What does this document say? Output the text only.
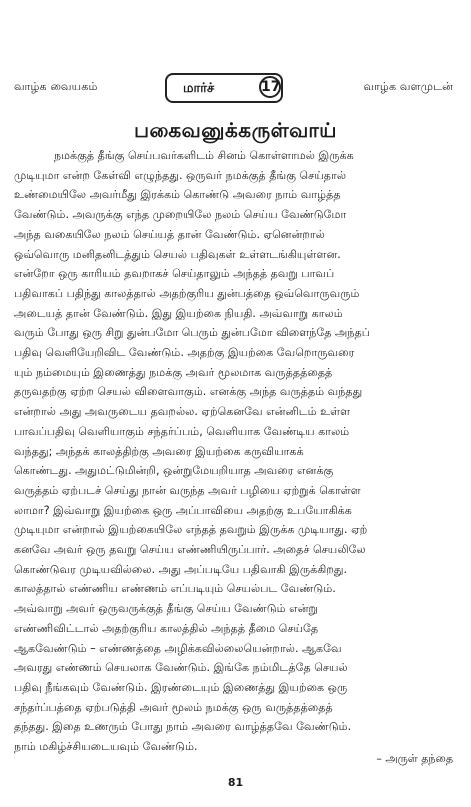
வாழ்க வையகம்	மார்ச்	17	வாழ்க வளமுடன்
பகைவனுக்கருள்வாய்
நமக்குத் தீங்கு செய்பவர்களிடம் சினம் கொள்ளாமல் இருக்க
முடியுமா என்ற கேள்வி எழுந்தது. ஒருவர் நமக்குத் தீங்கு செய்தால்
உண்மையிலே அவர்மீது இரக்கம் கொண்டு அவரை நாம் வாழ்த்த
வேண்டும். அவருக்கு எந்த முறையிலே நலம் செய்ய வேண்டுமோ
அந்த வகையிலே நலம் செய்யத் தான் வேண்டும். ஏனென்றால்
ஒவ்வொரு மனிதனிடத்தும் செயல் பதிவுகள் உள்ளடங்கியுள்ளன.
என்றோ ஒரு காரியம் தவறாகச் செய்தாலும் அந்தத் தவறு பாவப்
பதிவாகப் பதிந்து காலத்தால் அதற்குரிய துன்பத்தை ஒவ்வொருவரும்
அடையத் தான் வேண்டும். இது இயற்கை நியதி. அவ்வாறு காலம்
வரும் போது ஒரு சிறு துன்பமோ பெரும் துன்பமோ விளைந்தே அந்தப்
பதிவு வெளியேறிவிட வேண்டும். அதற்கு இயற்கை வேறொருவரை
யும் நம்மையும் இணைத்து நமக்கு அவர் மூலமாக வருத்தத்தைத்
தருவதற்கு ஏற்ற செயல் விளைவாகும். எனக்கு அந்த வருத்தம் வந்தது
என்றால் அது அவருடைய தவறல்ல. ஏற்கெனவே என்னிடம் உள்ள
பாவப்பதிவு வெளியாகும் சந்தர்ப்பம், வெளியாக வேண்டிய காலம்
வந்தது; அந்தக் காலத்திற்கு அவரை இயற்கை கருவியாகக்
கொண்டது. அதுமட்டுமின்றி, ஒன்றுமேயறியாத அவரை எனக்கு
வருத்தம் ஏற்படச் செய்து நான் வருந்த அவர் பழியை ஏற்றுக் கொள்ள
லாமா? இவ்வாறு இயற்கை ஒரு அப்பாவியை அதற்கு உபயோகிக்க
முடியுமா என்றால் இயற்கையிலே எந்தத் தவறும் இருக்க முடியாது. ஏற்
கனவே அவர் ஒரு தவறு செய்ய எண்ணியிருப்பார். அதைச் செயலிலே
கொண்டுவர முடியவில்லை. அது அப்படியே பதிவாகி இருக்கிறது.
காலத்தால் எண்ணிய எண்ணம் எப்படியும் செயல்பட வேண்டும்.
அவ்வாறு அவர் ஒருவருக்குத் தீங்கு செய்ய வேண்டும் என்று
எண்ணிவிட்டால் அதற்குரிய காலத்தில் அந்தத் தீமை செய்தே
ஆகவேண்டும் – எண்ணத்தை அழிக்கவில்லையென்றால். ஆகவே
அவரது எண்ணம் செயலாக வேண்டும். இங்கே நம்மிடத்தே செயல்
பதிவு நீங்கவும் வேண்டும். இரண்டையும் இணைத்து இயற்கை ஒரு
சந்தர்ப்பத்தை ஏற்படுத்தி அவர் மூலம் நமக்கு ஒரு வருத்தத்தைத்
தந்தது. இதை உணரும் போது நாம் அவரை வாழ்த்தவே வேண்டும்.
நாம் மகிழ்ச்சியடையவும் வேண்டும்.
– அருள் தந்தை
81
